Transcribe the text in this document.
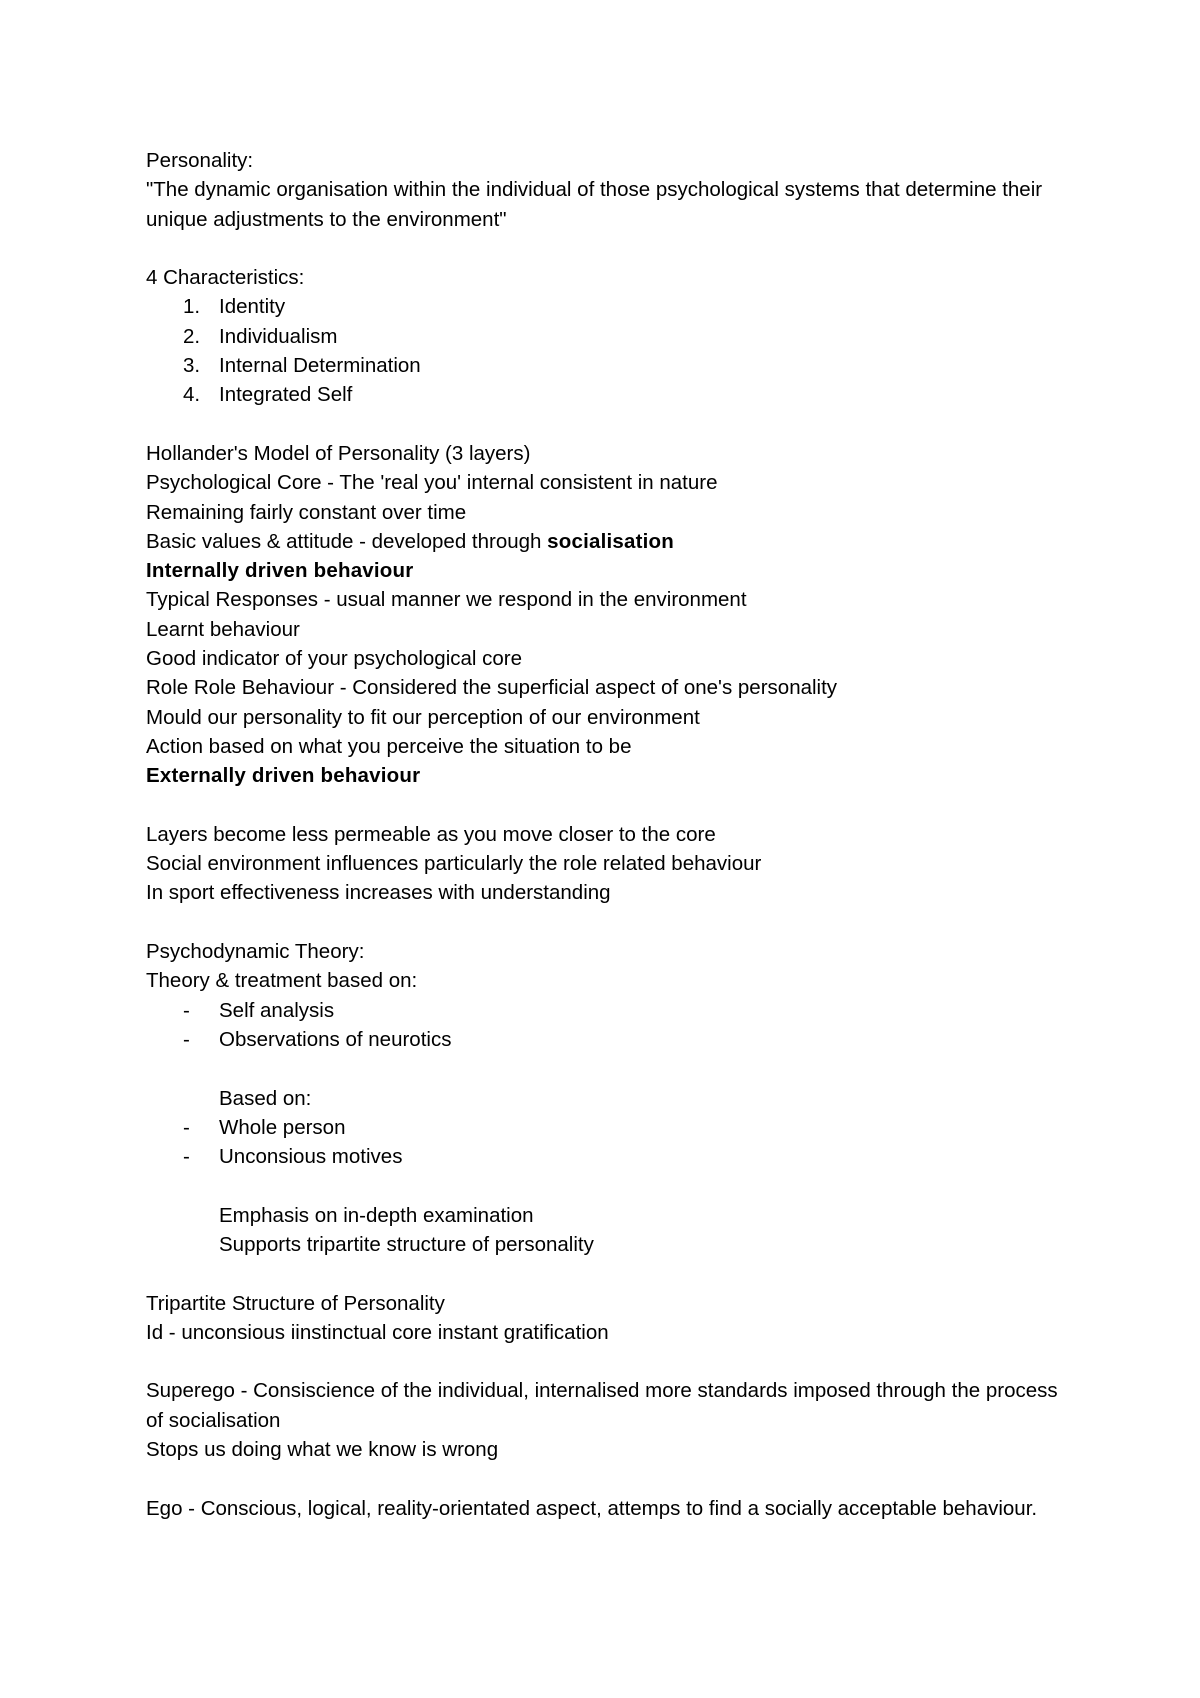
Personality:
"The dynamic organisation within the individual of those psychological systems that determine their unique adjustments to the environment"
4 Characteristics:
1. Identity
2. Individualism
3. Internal Determination
4. Integrated Self
Hollander's Model of Personality (3 layers)
Psychological Core - The 'real you' internal consistent in nature
Remaining fairly constant over time
Basic values & attitude - developed through socialisation
Internally driven behaviour
Typical Responses - usual manner we respond in the environment
Learnt behaviour
Good indicator of your psychological core
Role Role Behaviour - Considered the superficial aspect of one's personality
Mould our personality to fit our perception of our environment
Action based on what you perceive the situation to be
Externally driven behaviour
Layers become less permeable as you move closer to the core
Social environment influences particularly the role related behaviour
In sport effectiveness increases with understanding
Psychodynamic Theory:
Theory & treatment based on:
- Self analysis
- Observations of neurotics
Based on:
- Whole person
- Unconsious motives
Emphasis on in-depth examination
Supports tripartite structure of personality
Tripartite Structure of Personality
Id - unconsious iinstinctual core instant gratification
Superego - Consiscience of the individual, internalised more standards imposed through the process of socialisation
Stops us doing what we know is wrong
Ego - Conscious, logical, reality-orientated aspect, attemps to find a socially acceptable behaviour.
